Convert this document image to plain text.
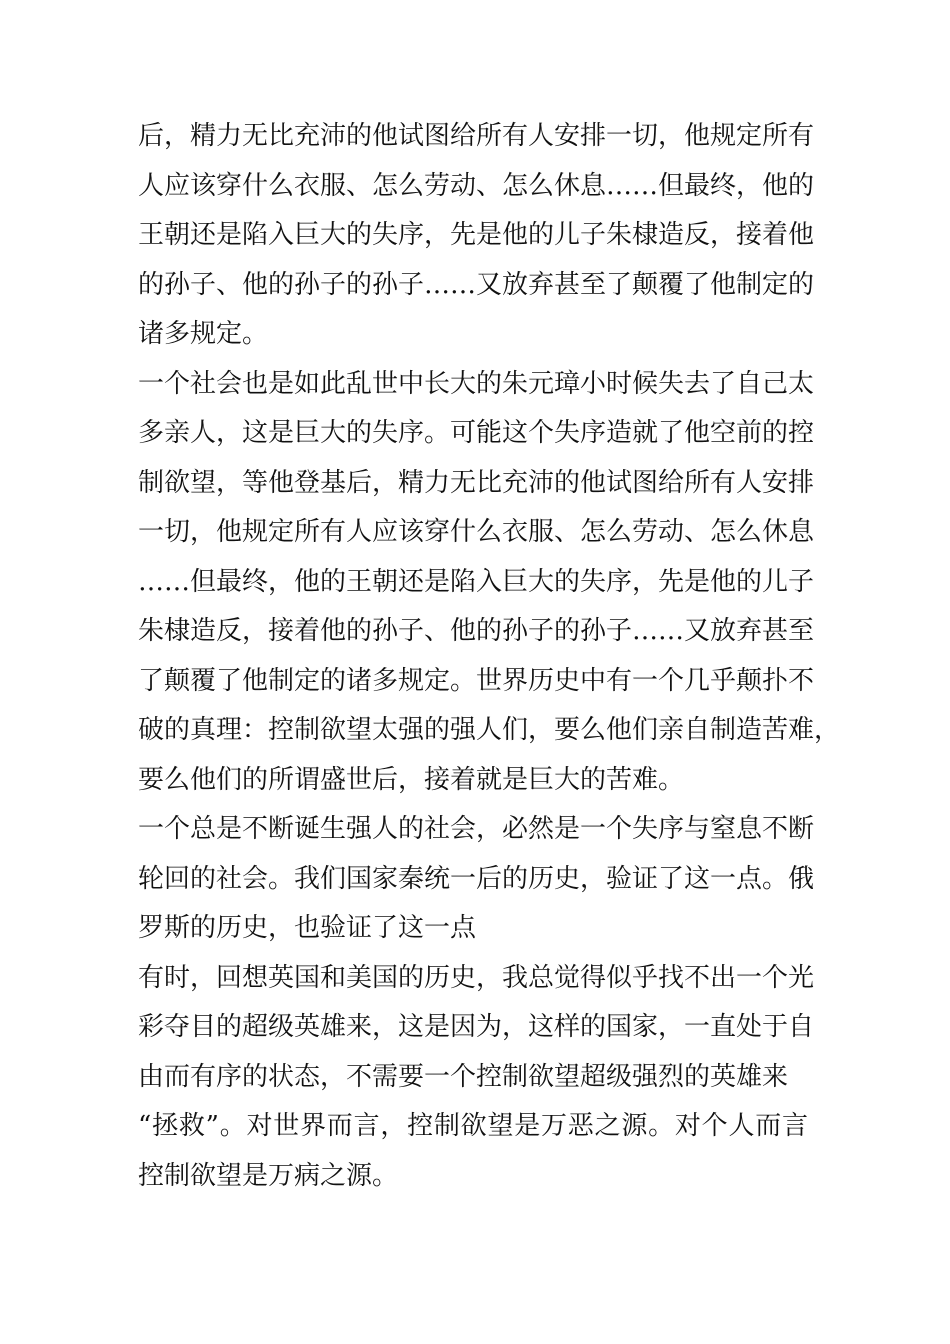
后，精力无比充沛的他试图给所有人安排一切，他规定所有
人应该穿什么衣服、怎么劳动、怎么休息……但最终，他的
王朝还是陷入巨大的失序，先是他的儿子朱棣造反，接着他
的孙子、他的孙子的孙子……又放弃甚至了颠覆了他制定的
诸多规定。
一个社会也是如此乱世中长大的朱元璋小时候失去了自己太
多亲人，这是巨大的失序。可能这个失序造就了他空前的控
制欲望，等他登基后，精力无比充沛的他试图给所有人安排
一切，他规定所有人应该穿什么衣服、怎么劳动、怎么休息
……但最终，他的王朝还是陷入巨大的失序，先是他的儿子
朱棣造反，接着他的孙子、他的孙子的孙子……又放弃甚至
了颠覆了他制定的诸多规定。世界历史中有一个几乎颠扑不
破的真理：控制欲望太强的强人们，要么他们亲自制造苦难，
要么他们的所谓盛世后，接着就是巨大的苦难。
一个总是不断诞生强人的社会，必然是一个失序与窒息不断
轮回的社会。我们国家秦统一后的历史，验证了这一点。俄
罗斯的历史，也验证了这一点
有时，回想英国和美国的历史，我总觉得似乎找不出一个光
彩夺目的超级英雄来，这是因为，这样的国家，一直处于自
由而有序的状态，不需要一个控制欲望超级强烈的英雄来
“拯救”。对世界而言，控制欲望是万恶之源。对个人而言
控制欲望是万病之源。
